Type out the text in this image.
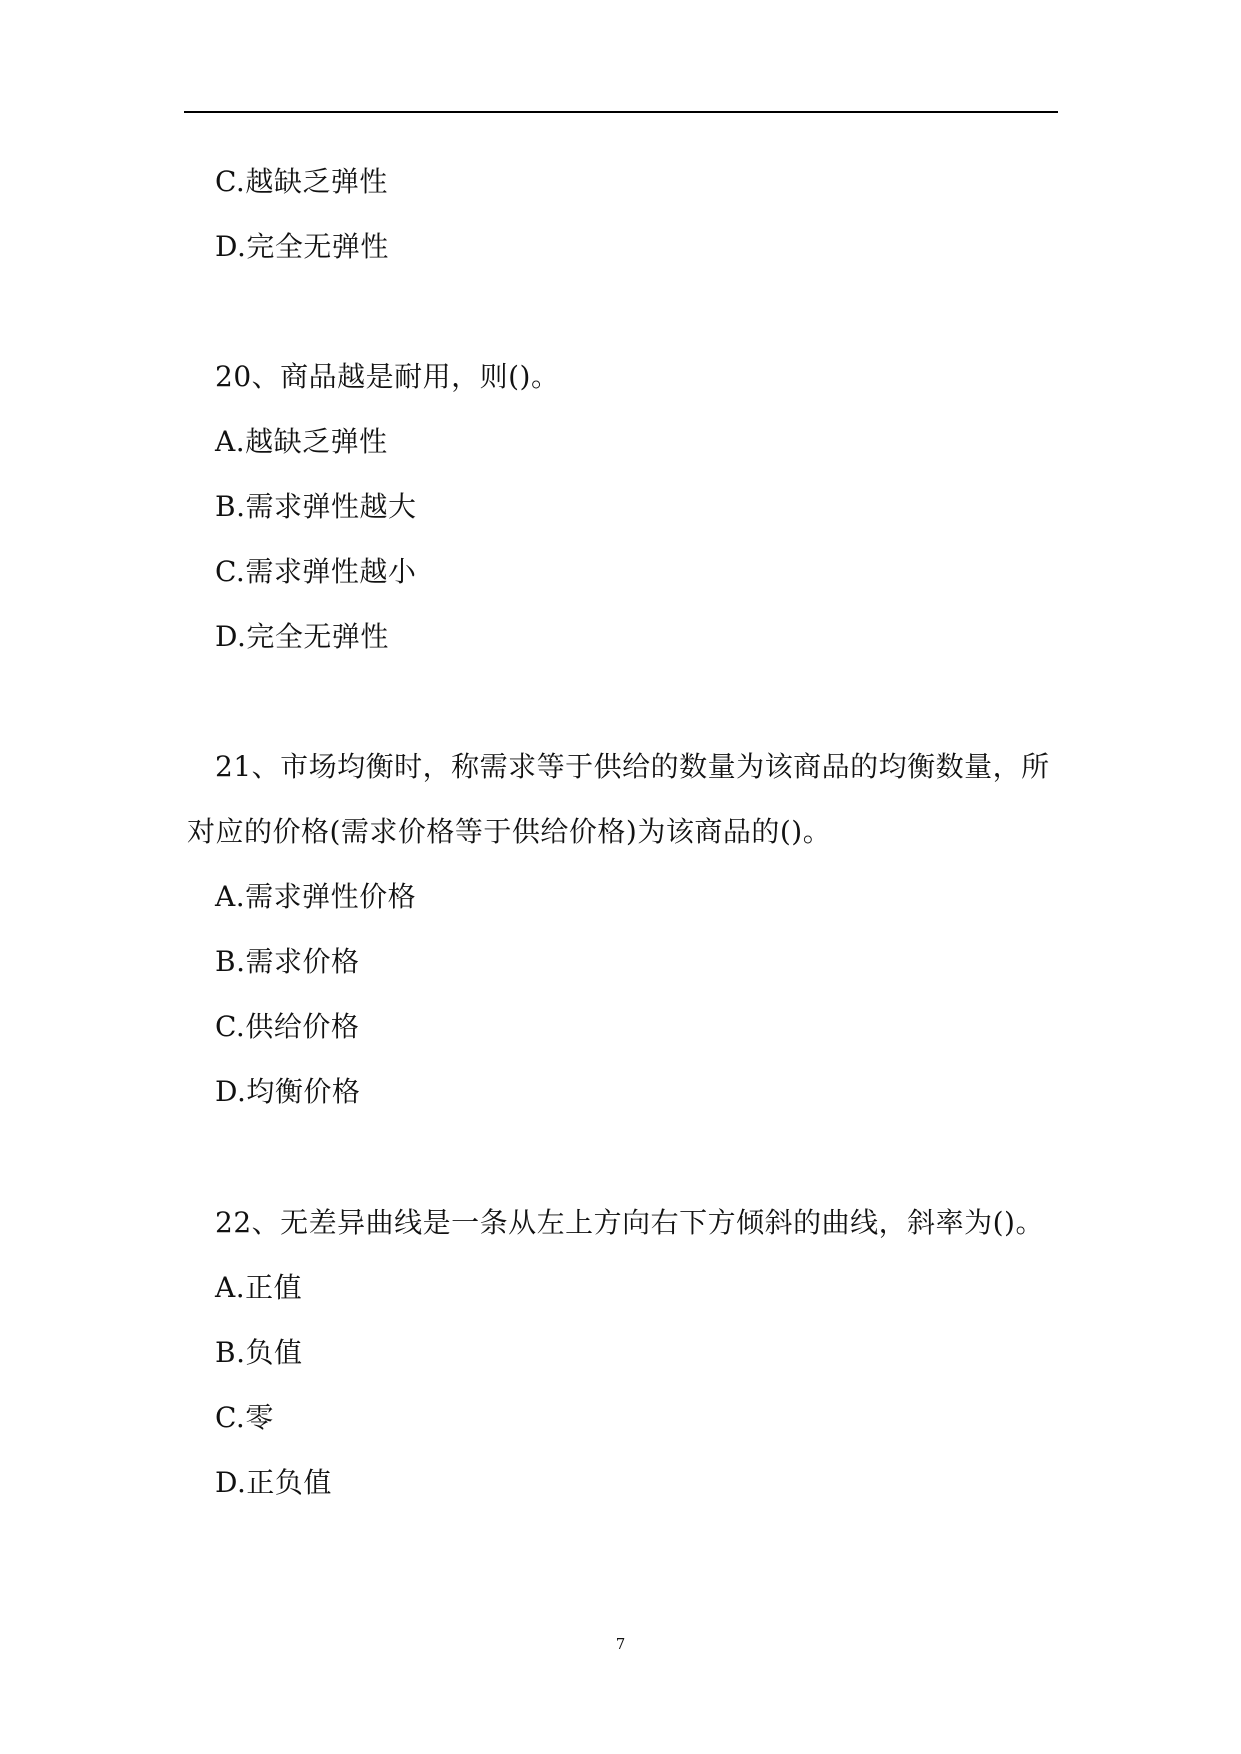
C.越缺乏弹性
D.完全无弹性
20、商品越是耐用，则()。
A.越缺乏弹性
B.需求弹性越大
C.需求弹性越小
D.完全无弹性
21、市场均衡时，称需求等于供给的数量为该商品的均衡数量，所
对应的价格(需求价格等于供给价格)为该商品的()。
A.需求弹性价格
B.需求价格
C.供给价格
D.均衡价格
22、无差异曲线是一条从左上方向右下方倾斜的曲线，斜率为()。
A.正值
B.负值
C.零
D.正负值
7
